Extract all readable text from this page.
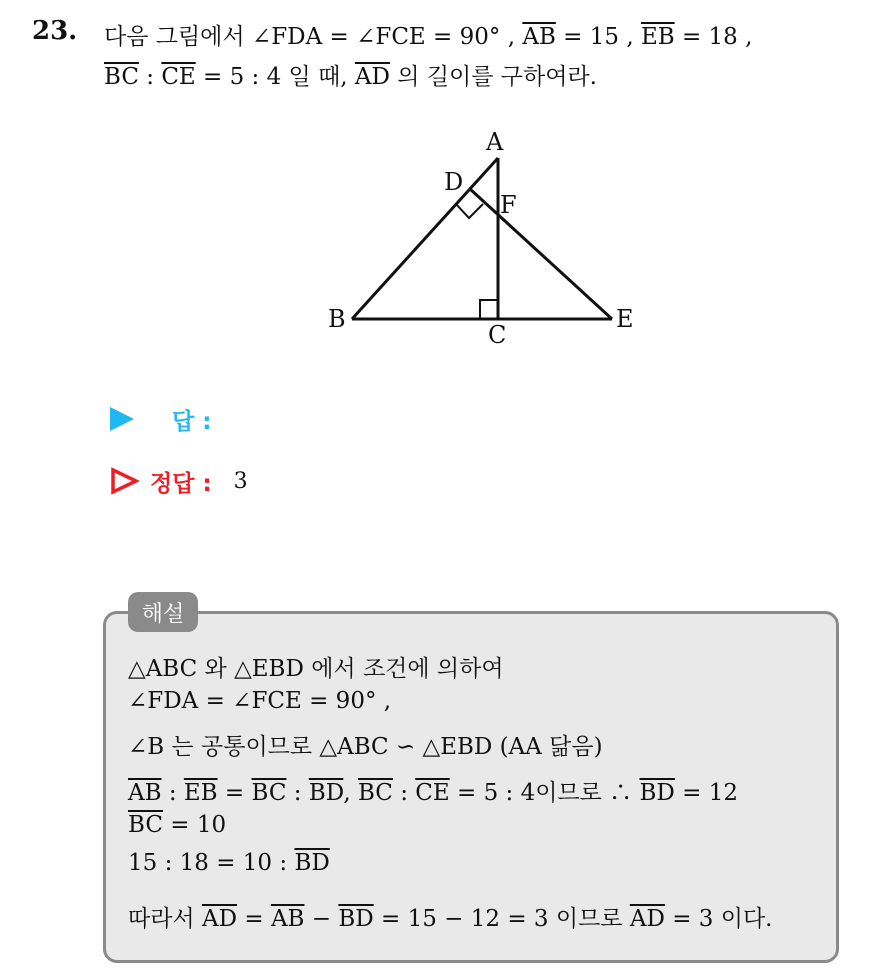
23. 다음 그림에서 ∠FDA = ∠FCE = 90° , $\overline{AB} = 15$ , $\overline{EB} = 18$ ,
$\overline{BC}$ : $\overline{CE} = 5$ : 4 일 때, $\overline{AD}$ 의 길이를 구하여라.
A
D
F
B
C
E
답 :
정답 : 3
해설
△ABC 와 △EBD 에서 조건에 의하여
∠FDA = ∠FCE = 90° ,
∠B 는 공통이므로 △ABC ∽ △EBD (AA 닮음)
$\overline{AB}$ : $\overline{EB} = \overline{BC}$ : $\overline{BD}$, $\overline{BC}$ : $\overline{CE} = 5$ : 4이므로 ∴ $\overline{BD} = 12$
$\overline{BC} = 10$
15 : 18 = 10 : $\overline{BD}$
따라서 $\overline{AD} = \overline{AB} - \overline{BD} = 15 - 12 = 3$ 이므로 $\overline{AD} = 3$ 이다.
